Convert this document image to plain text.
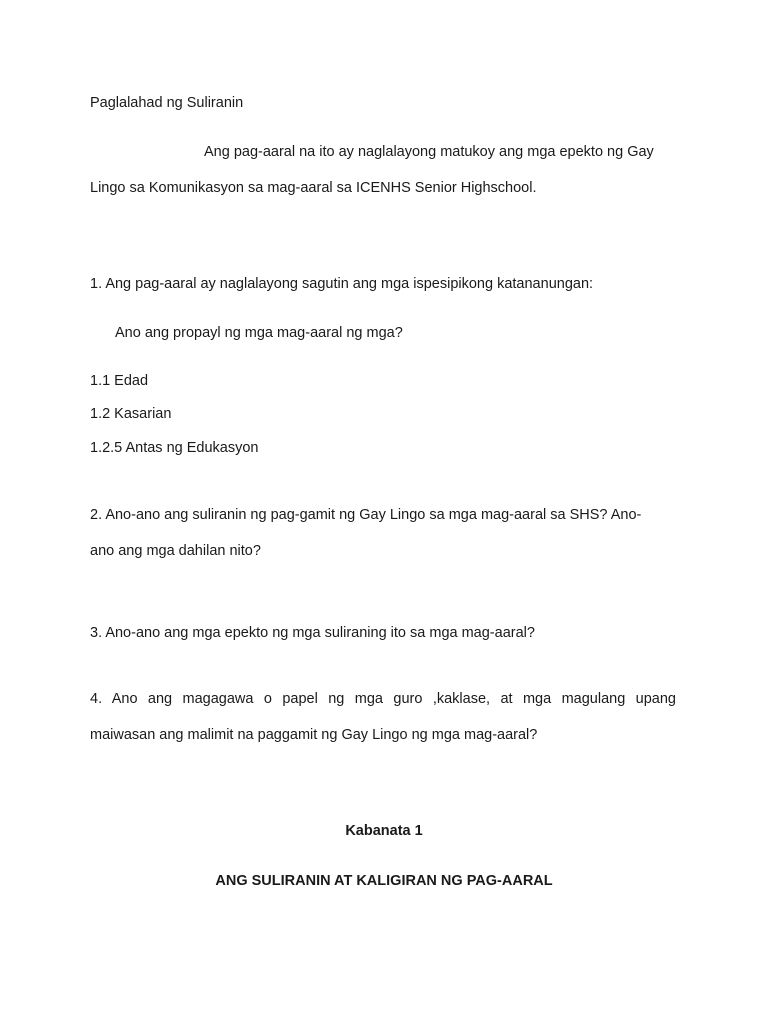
Paglalahad ng Suliranin
Ang pag-aaral na ito ay naglalayong matukoy ang mga epekto ng Gay
Lingo sa Komunikasyon sa mag-aaral sa ICENHS Senior Highschool.
1. Ang pag-aaral ay naglalayong sagutin ang mga ispesipikong katananungan:
Ano ang propayl ng mga mag-aaral ng mga?
1.1 Edad
1.2 Kasarian
1.2.5 Antas ng Edukasyon
2. Ano-ano ang suliranin ng pag-gamit ng Gay Lingo sa mga mag-aaral sa SHS? Ano-
ano ang mga dahilan nito?
3. Ano-ano ang mga epekto ng mga suliraning ito sa mga mag-aaral?
4. Ano ang magagawa o papel ng mga guro ,kaklase, at mga magulang upang
maiwasan ang malimit na paggamit ng Gay Lingo ng mga mag-aaral?
Kabanata 1
ANG SULIRANIN AT KALIGIRAN NG PAG-AARAL
